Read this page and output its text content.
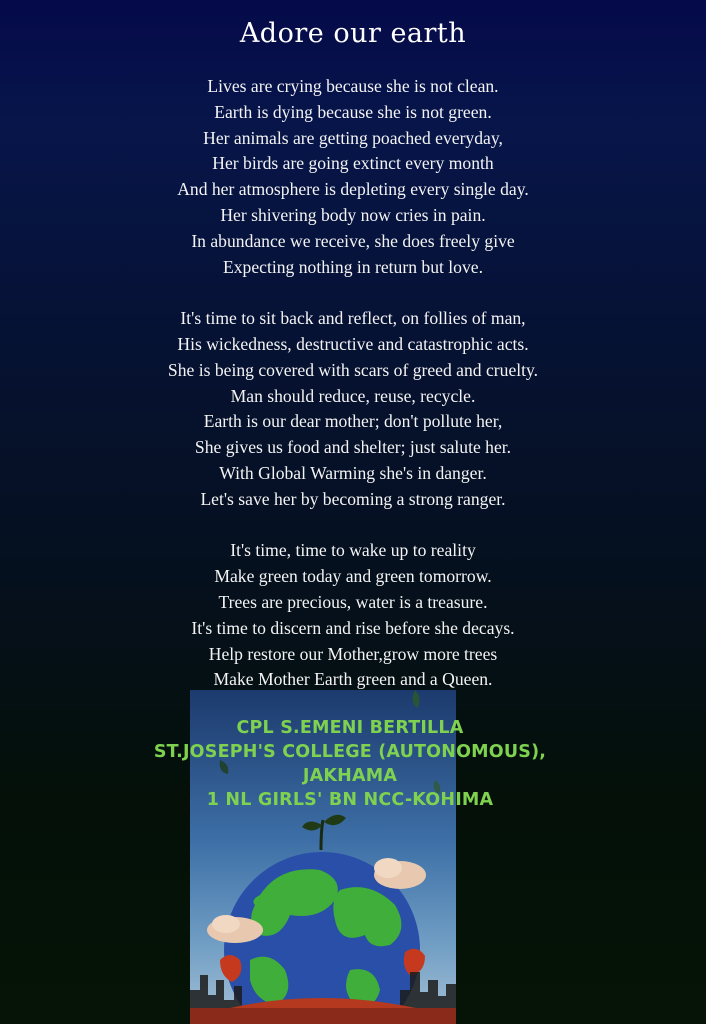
Adore our earth
Lives are crying because she is not clean.
Earth is dying because she is not green.
Her animals are getting poached everyday,
Her birds are going extinct every month
And her atmosphere is depleting every single day.
Her shivering body now cries in pain.
In abundance we receive, she does freely give
Expecting nothing in return but love.
It's time to sit back and reflect, on follies of man,
His wickedness, destructive and catastrophic acts.
She is being covered with scars of greed and cruelty.
Man should reduce, reuse, recycle.
Earth is our dear mother; don't pollute her,
She gives us food and shelter; just salute her.
With Global Warming she's in danger.
Let's save her by becoming a strong ranger.
It's time, time to wake up to reality
Make green today and green tomorrow.
Trees are precious, water is a treasure.
It's time to discern and rise before she decays.
Help restore our Mother,grow more trees
Make Mother Earth green and a Queen.
CPL S.EMENI BERTILLA
ST.JOSEPH'S COLLEGE (AUTONOMOUS),
JAKHAMA
1 NL GIRLS' BN NCC-KOHIMA
